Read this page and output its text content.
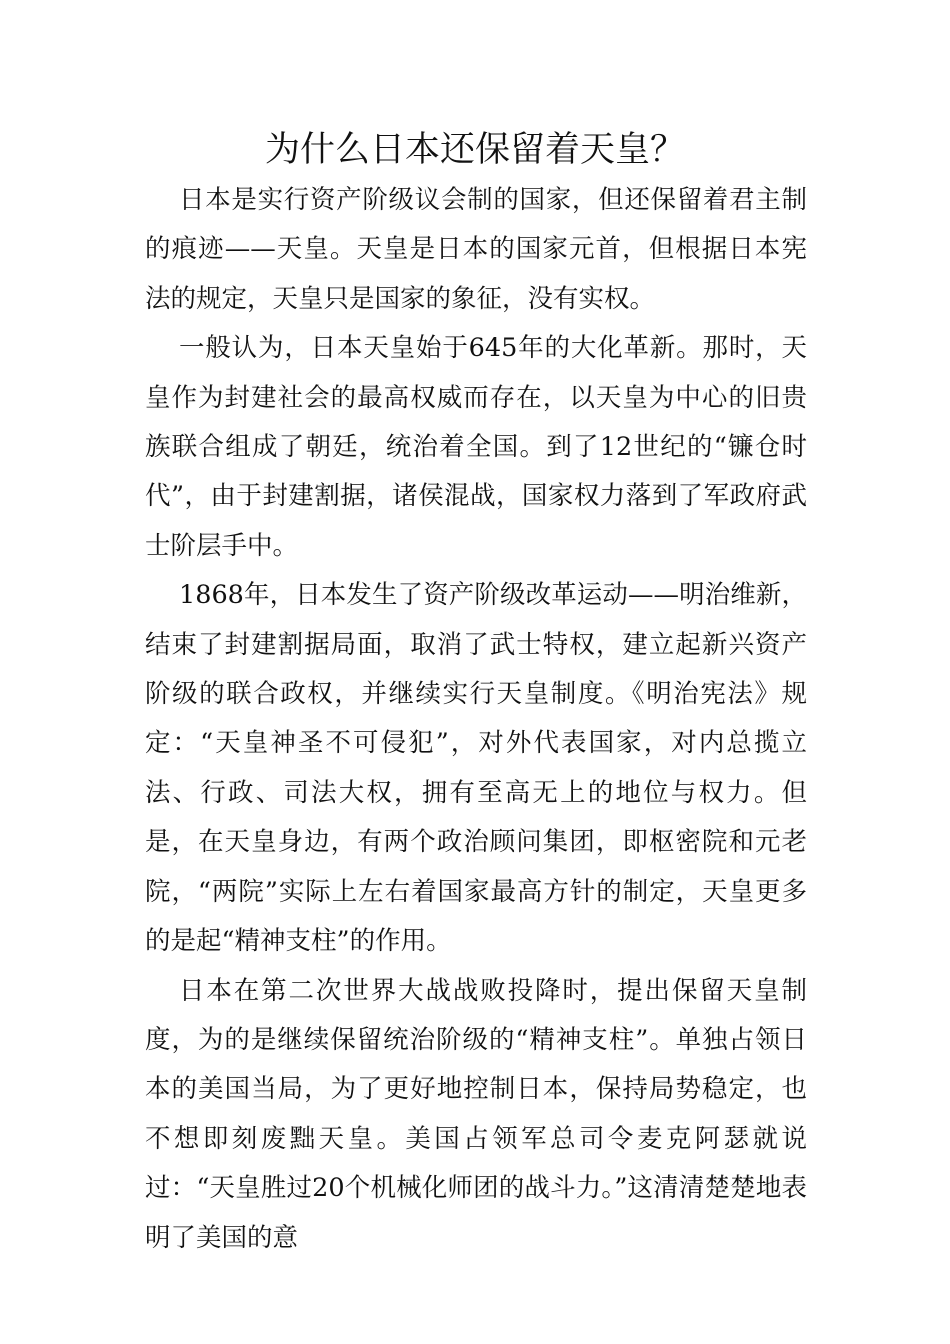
为什么日本还保留着天皇？

日本是实行资产阶级议会制的国家，但还保留着君主制的痕迹——天皇。天皇是日本的国家元首，但根据日本宪法的规定，天皇只是国家的象征，没有实权。

一般认为，日本天皇始于645年的大化革新。那时，天皇作为封建社会的最高权威而存在，以天皇为中心的旧贵族联合组成了朝廷，统治着全国。到了12世纪的“镰仓时代”，由于封建割据，诸侯混战，国家权力落到了军政府武士阶层手中。

1868年，日本发生了资产阶级改革运动——明治维新，结束了封建割据局面，取消了武士特权，建立起新兴资产阶级的联合政权，并继续实行天皇制度。《明治宪法》规定：“天皇神圣不可侵犯”，对外代表国家，对内总揽立法、行政、司法大权，拥有至高无上的地位与权力。但是，在天皇身边，有两个政治顾问集团，即枢密院和元老院，“两院”实际上左右着国家最高方针的制定，天皇更多的是起“精神支柱”的作用。

日本在第二次世界大战战败投降时，提出保留天皇制度，为的是继续保留统治阶级的“精神支柱”。单独占领日本的美国当局，为了更好地控制日本，保持局势稳定，也不想即刻废黜天皇。美国占领军总司令麦克阿瑟就说过：“天皇胜过20个机械化师团的战斗力。”这清清楚楚地表明了美国的意
